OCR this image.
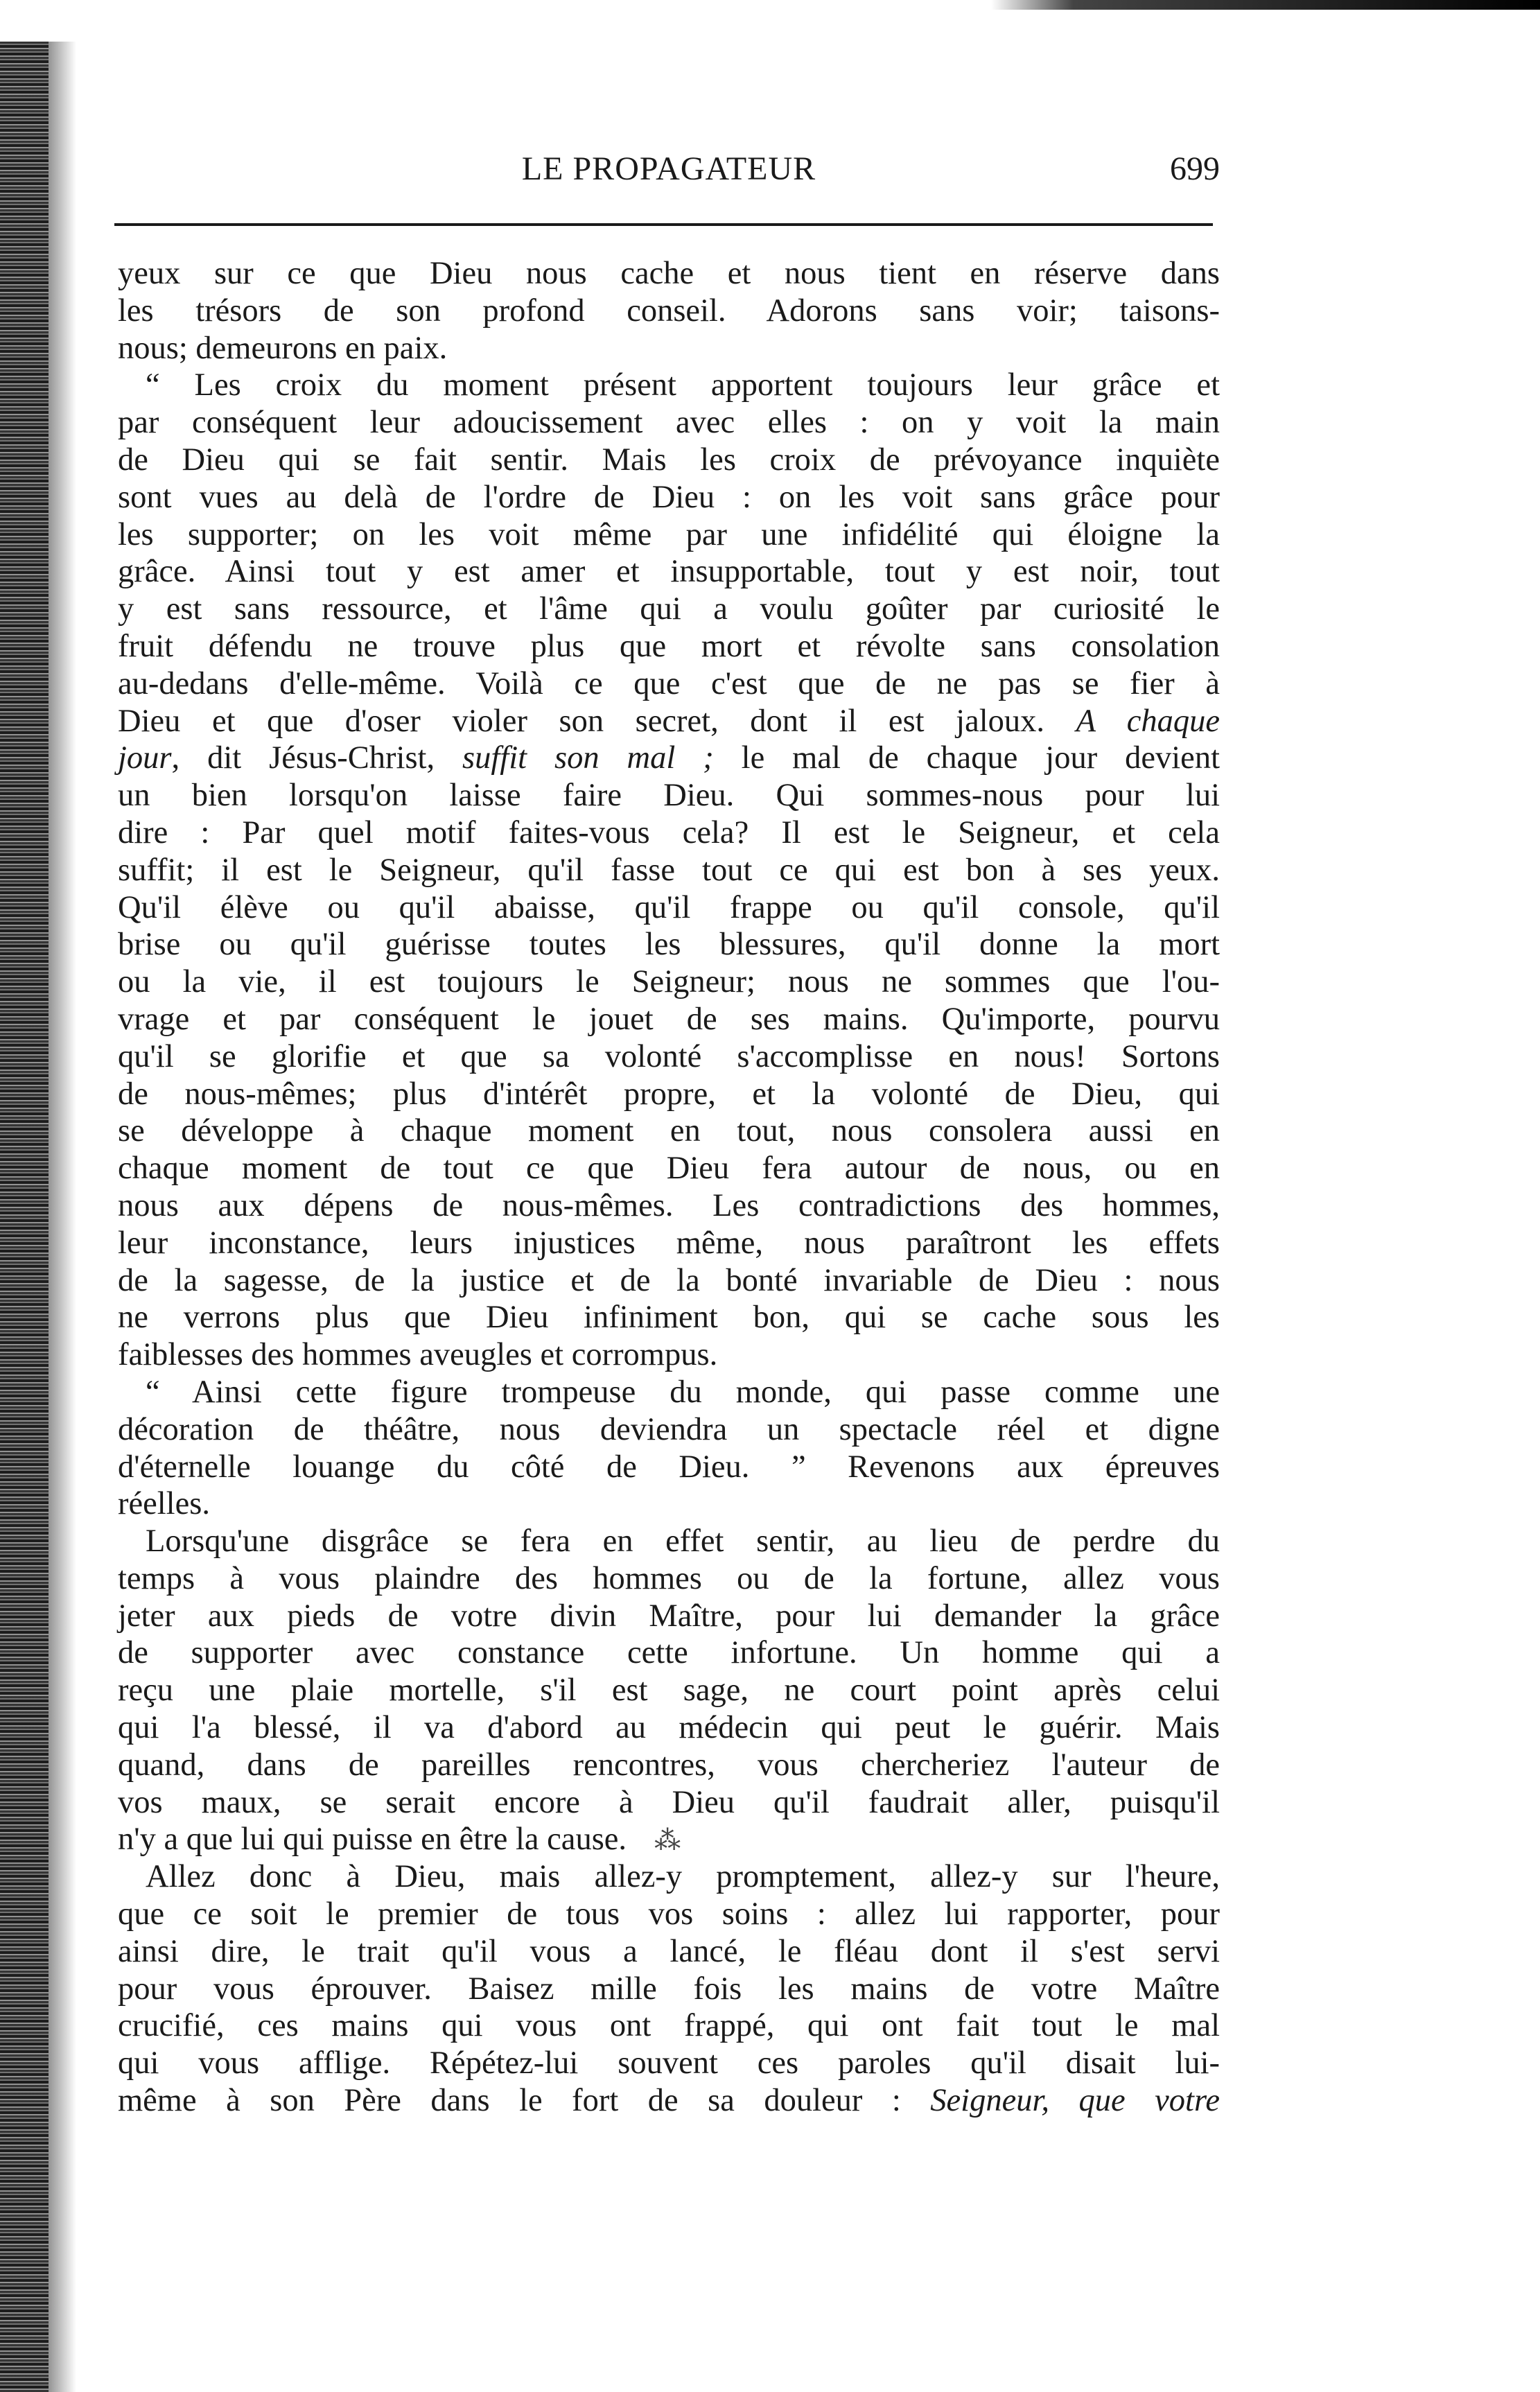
LE PROPAGATEUR	699
yeux sur ce que Dieu nous cache et nous tient en réserve dans
les trésors de son profond conseil. Adorons sans voir; taisons-
nous; demeurons en paix.
“ Les croix du moment présent apportent toujours leur grâce et
par conséquent leur adoucissement avec elles : on y voit la main
de Dieu qui se fait sentir. Mais les croix de prévoyance inquiète
sont vues au delà de l'ordre de Dieu : on les voit sans grâce pour
les supporter; on les voit même par une infidélité qui éloigne la
grâce. Ainsi tout y est amer et insupportable, tout y est noir, tout
y est sans ressource, et l'âme qui a voulu goûter par curiosité le
fruit défendu ne trouve plus que mort et révolte sans consolation
au-dedans d'elle-même. Voilà ce que c'est que de ne pas se fier à
Dieu et que d'oser violer son secret, dont il est jaloux. A chaque
jour, dit Jésus-Christ, suffit son mal ; le mal de chaque jour devient
un bien lorsqu'on laisse faire Dieu. Qui sommes-nous pour lui
dire : Par quel motif faites-vous cela? Il est le Seigneur, et cela
suffit; il est le Seigneur, qu'il fasse tout ce qui est bon à ses yeux.
Qu'il élève ou qu'il abaisse, qu'il frappe ou qu'il console, qu'il
brise ou qu'il guérisse toutes les blessures, qu'il donne la mort
ou la vie, il est toujours le Seigneur; nous ne sommes que l'ou-
vrage et par conséquent le jouet de ses mains. Qu'importe, pourvu
qu'il se glorifie et que sa volonté s'accomplisse en nous! Sortons
de nous-mêmes; plus d'intérêt propre, et la volonté de Dieu, qui
se développe à chaque moment en tout, nous consolera aussi en
chaque moment de tout ce que Dieu fera autour de nous, ou en
nous aux dépens de nous-mêmes. Les contradictions des hommes,
leur inconstance, leurs injustices même, nous paraîtront les effets
de la sagesse, de la justice et de la bonté invariable de Dieu : nous
ne verrons plus que Dieu infiniment bon, qui se cache sous les
faiblesses des hommes aveugles et corrompus.
“ Ainsi cette figure trompeuse du monde, qui passe comme une
décoration de théâtre, nous deviendra un spectacle réel et digne
d'éternelle louange du côté de Dieu. ” Revenons aux épreuves
réelles.
Lorsqu'une disgrâce se fera en effet sentir, au lieu de perdre du
temps à vous plaindre des hommes ou de la fortune, allez vous
jeter aux pieds de votre divin Maître, pour lui demander la grâce
de supporter avec constance cette infortune. Un homme qui a
reçu une plaie mortelle, s'il est sage, ne court point après celui
qui l'a blessé, il va d'abord au médecin qui peut le guérir. Mais
quand, dans de pareilles rencontres, vous chercheriez l'auteur de
vos maux, se serait encore à Dieu qu'il faudrait aller, puisqu'il
n'y a que lui qui puisse en être la cause. ⁂
Allez donc à Dieu, mais allez-y promptement, allez-y sur l'heure,
que ce soit le premier de tous vos soins : allez lui rapporter, pour
ainsi dire, le trait qu'il vous a lancé, le fléau dont il s'est servi
pour vous éprouver. Baisez mille fois les mains de votre Maître
crucifié, ces mains qui vous ont frappé, qui ont fait tout le mal
qui vous afflige. Répétez-lui souvent ces paroles qu'il disait lui-
même à son Père dans le fort de sa douleur : Seigneur, que votre
